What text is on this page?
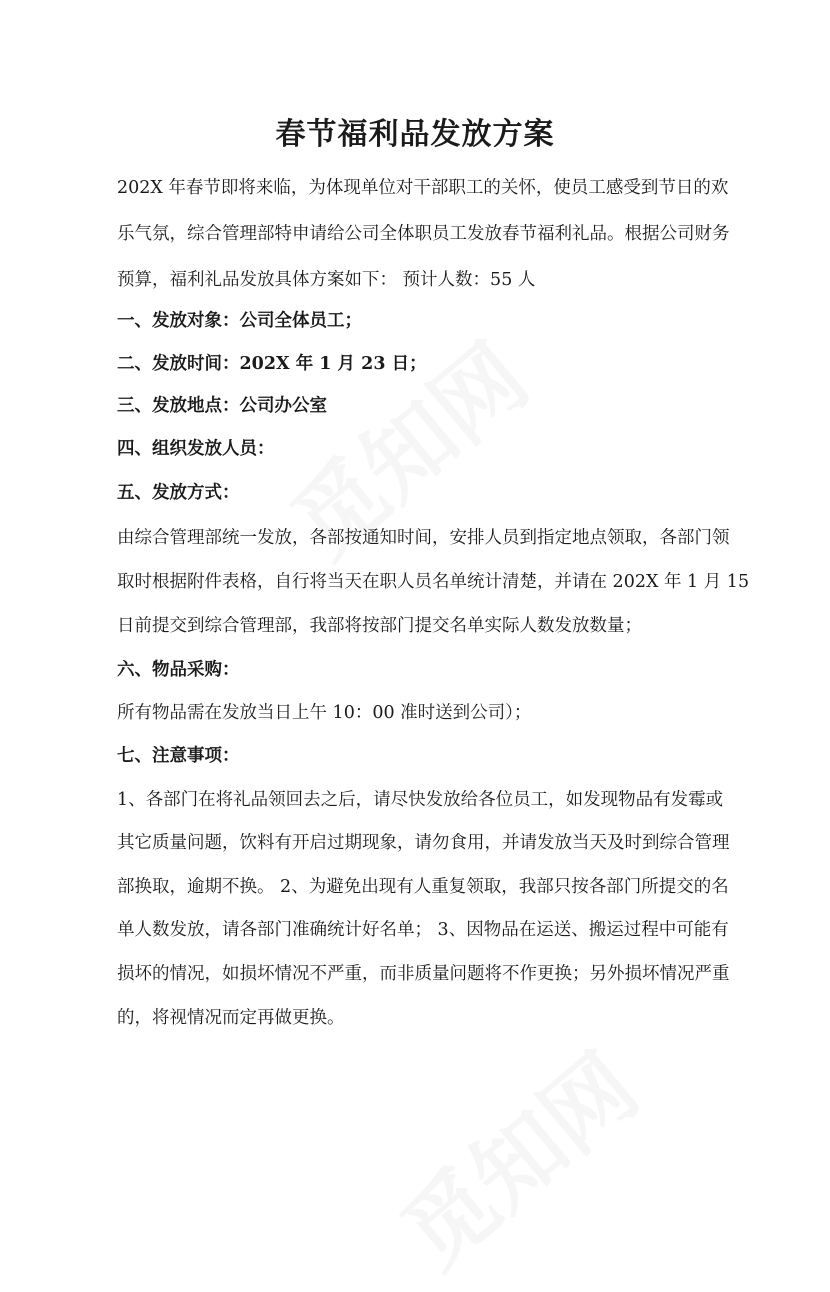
春节福利品发放方案
202X 年春节即将来临，为体现单位对干部职工的关怀，使员工感受到节日的欢
乐气氛，综合管理部特申请给公司全体职员工发放春节福利礼品。根据公司财务
预算，福利礼品发放具体方案如下： 预计人数：55 人
一、发放对象：公司全体员工；
二、发放时间：202X 年 1 月 23 日；
三、发放地点：公司办公室
四、组织发放人员：
五、发放方式：
由综合管理部统一发放，各部按通知时间，安排人员到指定地点领取，各部门领
取时根据附件表格，自行将当天在职人员名单统计清楚，并请在 202X 年 1 月 15
日前提交到综合管理部，我部将按部门提交名单实际人数发放数量；
六、物品采购：
所有物品需在发放当日上午 10：00 准时送到公司）；
七、注意事项：
1、各部门在将礼品领回去之后，请尽快发放给各位员工，如发现物品有发霉或
其它质量问题，饮料有开启过期现象，请勿食用，并请发放当天及时到综合管理
部换取，逾期不换。 2、为避免出现有人重复领取，我部只按各部门所提交的名
单人数发放，请各部门准确统计好名单； 3、因物品在运送、搬运过程中可能有
损坏的情况，如损坏情况不严重，而非质量问题将不作更换；另外损坏情况严重
的，将视情况而定再做更换。
